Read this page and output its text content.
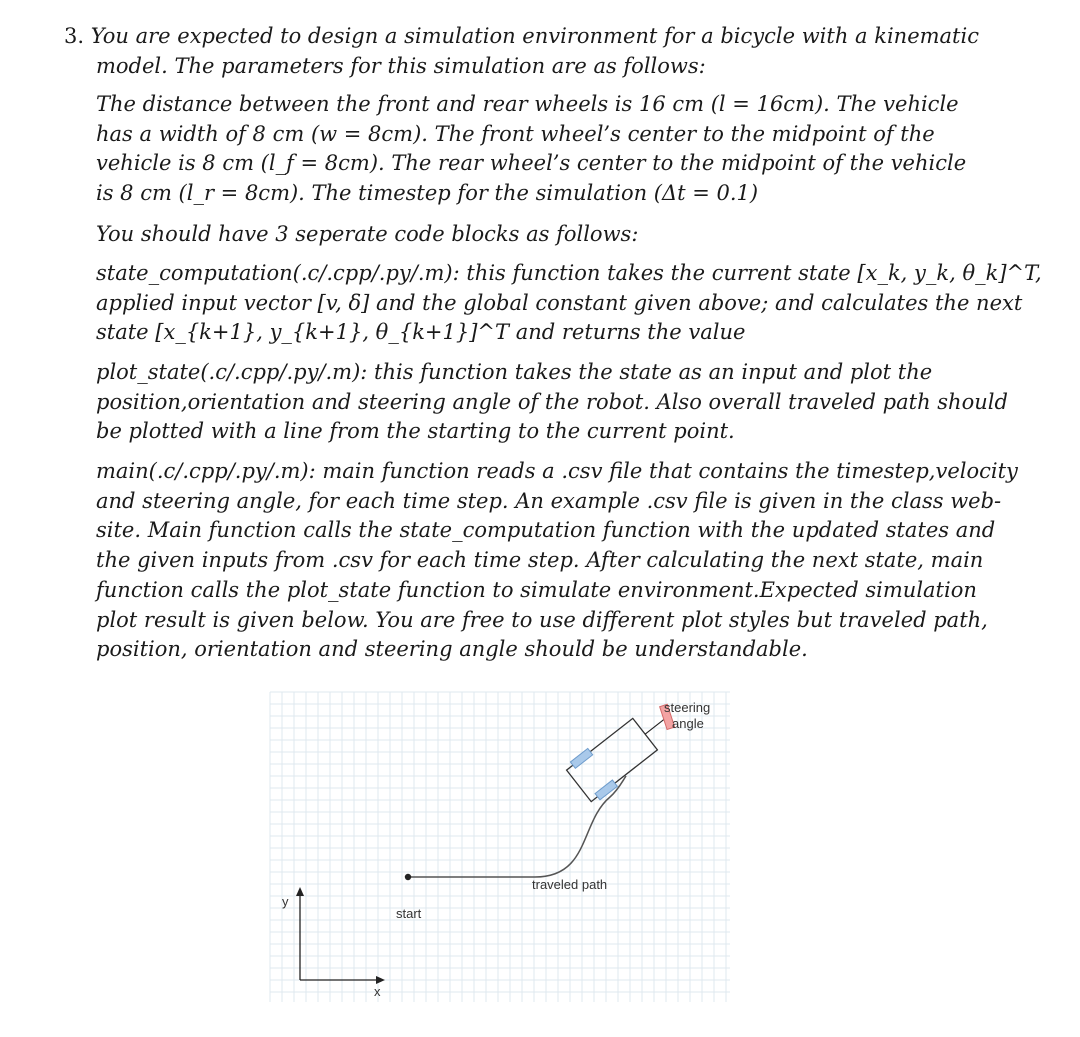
3. You are expected to design a simulation environment for a bicycle with a kinematic
model. The parameters for this simulation are as follows:
The distance between the front and rear wheels is 16 cm (l = 16cm). The vehicle
has a width of 8 cm (w = 8cm). The front wheel’s center to the midpoint of the
vehicle is 8 cm (l_f = 8cm). The rear wheel’s center to the midpoint of the vehicle
is 8 cm (l_r = 8cm). The timestep for the simulation (Δt = 0.1)
You should have 3 seperate code blocks as follows:
state_computation(.c/.cpp/.py/.m): this function takes the current state [x_k, y_k, θ_k]^T,
applied input vector [v, δ] and the global constant given above; and calculates the next
state [x_{k+1}, y_{k+1}, θ_{k+1}]^T and returns the value
plot_state(.c/.cpp/.py/.m): this function takes the state as an input and plot the
position,orientation and steering angle of the robot. Also overall traveled path should
be plotted with a line from the starting to the current point.
main(.c/.cpp/.py/.m): main function reads a .csv file that contains the timestep,velocity
and steering angle, for each time step. An example .csv file is given in the class web-
site. Main function calls the state_computation function with the updated states and
the given inputs from .csv for each time step. After calculating the next state, main
function calls the plot_state function to simulate environment.Expected simulation
plot result is given below. You are free to use different plot styles but traveled path,
position, orientation and steering angle should be understandable.
y
x
start
traveled path
steering
angle
